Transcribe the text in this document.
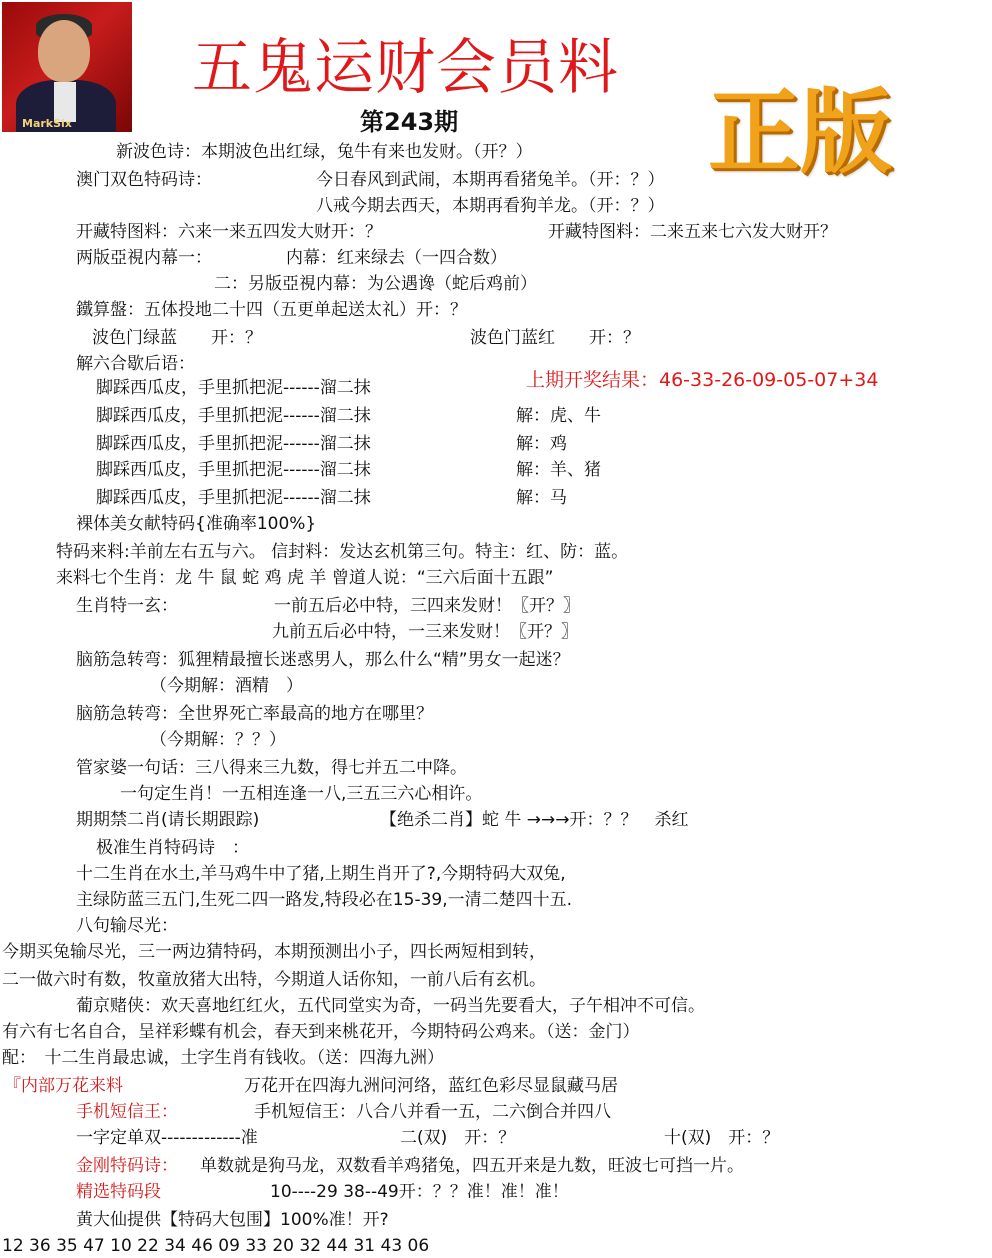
MarkSix
五鬼运财会员料
第243期	正版
上期开奖结果：46-33-26-09-05-07+34
新波色诗：本期波色出红绿，兔牛有来也发财。（开？）
澳门双色特码诗：	今日春风到武闹，本期再看猪兔羊。（开：？）
八戒今期去西天，本期再看狗羊龙。（开：？）
开藏特图料：六来一来五四发大财开：？	开藏特图料：二来五来七六发大财开？
两版亞視内幕一：	内幕：红来绿去（一四合数）
二：另版亞視内幕：为公遇谗（蛇后鸡前）
鐵算盤：五体投地二十四（五更单起送太礼）开：？
波色门绿蓝　　开：？	波色门蓝红　　开：？
解六合歇后语：
脚踩西瓜皮，手里抓把泥------溜二抹
脚踩西瓜皮，手里抓把泥------溜二抹	解：虎、牛
脚踩西瓜皮，手里抓把泥------溜二抹	解：鸡
脚踩西瓜皮，手里抓把泥------溜二抹	解：羊、猪
脚踩西瓜皮，手里抓把泥------溜二抹	解：马
裸体美女献特码{准确率100%}
特码来料:羊前左右五与六。 信封料：发达玄机第三句。特主：红、防：蓝。
来料七个生肖：龙 牛 鼠 蛇 鸡 虎 羊 曾道人说：“三六后面十五跟”
生肖特一玄：	一前五后必中特，三四来发财！〖开？〗
九前五后必中特，一三来发财！〖开？〗
脑筋急转弯：狐狸精最擅长迷惑男人，那么什么“精”男女一起迷？
（今期解：酒精　）
脑筋急转弯：全世界死亡率最高的地方在哪里？
（今期解：？？）
管家婆一句话：三八得来三九数，得七并五二中降。
一句定生肖！一五相连逢一八,三五三六心相许。
期期禁二肖(请长期跟踪)	【绝杀二肖】蛇 牛 →→→开：？？　杀红
极准生肖特码诗　：
十二生肖在水土,羊马鸡牛中了猪,上期生肖开了?,今期特码大双兔,
主绿防蓝三五门,生死二四一路发,特段必在15-39,一清二楚四十五.
八句输尽光：
今期买兔输尽光，三一两边猜特码，本期预测出小子，四长两短相到转，
二一做六时有数，牧童放猪大出特，今期道人话你知，一前八后有玄机。
葡京赌侠：欢天喜地红红火，五代同堂实为奇，一码当先要看大，子午相冲不可信。
有六有七名自合，呈祥彩蝶有机会，春天到来桃花开，今期特码公鸡来。（送：金门）
配：　十二生肖最忠诚，土字生肖有钱收。（送：四海九洲）
『内部万花来料	万花开在四海九洲问河络，蓝红色彩尽显鼠藏马居
手机短信王：	手机短信王：八合八并看一五，二六倒合并四八
一字定单双-------------准	二(双)　开：？	十(双)　开：？
金刚特码诗： 单数就是狗马龙，双数看羊鸡猪兔，四五开来是九数，旺波七可挡一片。
精选特码段	10----29 38--49开：？？准！准！准！
黄大仙提供【特码大包围】100%准！开?
12 36 35 47 10 22 34 46 09 33 20 32 44 31 43 06
